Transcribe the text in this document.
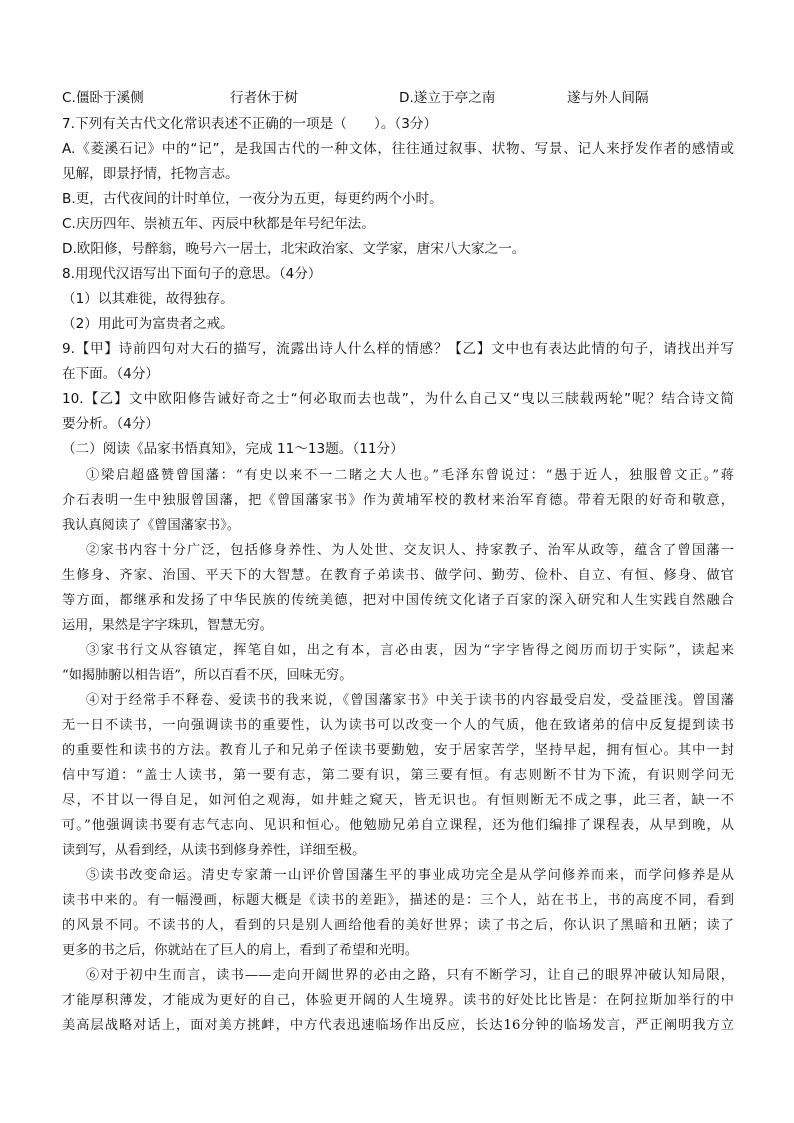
C.僵卧于溪侧	行者休于树	D.遂立于亭之南	遂与外人间隔
7.下列有关古代文化常识表述不正确的一项是（　　）。（3分）
A.《菱溪石记》中的“记”，是我国古代的一种文体，往往通过叙事、状物、写景、记人来抒发作者的感情或
见解，即景抒情，托物言志。
B.更，古代夜间的计时单位，一夜分为五更，每更约两个小时。
C.庆历四年、崇祯五年、丙辰中秋都是年号纪年法。
D.欧阳修，号醉翁，晚号六一居士，北宋政治家、文学家，唐宋八大家之一。
8.用现代汉语写出下面句子的意思。（4分）
（1）以其难徙，故得独存。
（2）用此可为富贵者之戒。
9.【甲】诗前四句对大石的描写，流露出诗人什么样的情感？【乙】文中也有表达此情的句子，请找出并写
在下面。（4分）
10.【乙】文中欧阳修告诫好奇之士“何必取而去也哉”，为什么自己又“曳以三牍载两轮”呢？结合诗文简
要分析。（4分）
（二）阅读《品家书悟真知》，完成 11～13题。（11分）
①梁启超盛赞曾国藩：“有史以来不一二睹之大人也。”毛泽东曾说过：“愚于近人，独服曾文正。”蒋
介石表明一生中独服曾国藩，把《曾国藩家书》作为黄埔军校的教材来治军育德。带着无限的好奇和敬意，
我认真阅读了《曾国藩家书》。
②家书内容十分广泛，包括修身养性、为人处世、交友识人、持家教子、治军从政等，蕴含了曾国藩一
生修身、齐家、治国、平天下的大智慧。在教育子弟读书、做学问、勤劳、俭朴、自立、有恒、修身、做官
等方面，都继承和发扬了中华民族的传统美德，把对中国传统文化诸子百家的深入研究和人生实践自然融合
运用，果然是字字珠玑，智慧无穷。
③家书行文从容镇定，挥笔自如，出之有本，言必由衷，因为“字字皆得之阅历而切于实际”，读起来
“如揭肺腑以相告语”，所以百看不厌，回味无穷。
④对于经常手不释卷、爱读书的我来说，《曾国藩家书》中关于读书的内容最受启发，受益匪浅。曾国藩
无一日不读书，一向强调读书的重要性，认为读书可以改变一个人的气质，他在致诸弟的信中反复提到读书
的重要性和读书的方法。教育儿子和兄弟子侄读书要勤勉，安于居家苦学，坚持早起，拥有恒心。其中一封
信中写道：“盖士人读书，第一要有志，第二要有识，第三要有恒。有志则断不甘为下流，有识则学问无
尽，不甘以一得自足，如河伯之观海，如井蛙之窥天，皆无识也。有恒则断无不成之事，此三者，缺一不
可。”他强调读书要有志气志向、见识和恒心。他勉励兄弟自立课程，还为他们编排了课程表，从早到晚，从
读到写，从看到经，从读书到修身养性，详细至极。
⑤读书改变命运。清史专家萧一山评价曾国藩生平的事业成功完全是从学问修养而来，而学问修养是从
读书中来的。有一幅漫画，标题大概是《读书的差距》，描述的是：三个人，站在书上，书的高度不同，看到
的风景不同。不读书的人，看到的只是别人画给他看的美好世界；读了书之后，你认识了黑暗和丑陋；读了
更多的书之后，你就站在了巨人的肩上，看到了希望和光明。
⑥对于初中生而言，读书——走向开阔世界的必由之路，只有不断学习，让自己的眼界冲破认知局限，
才能厚积薄发，才能成为更好的自己，体验更开阔的人生境界。读书的好处比比皆是：在阿拉斯加举行的中
美高层战略对话上，面对美方挑衅，中方代表迅速临场作出反应，长达16分钟的临场发言，严正阐明我方立
